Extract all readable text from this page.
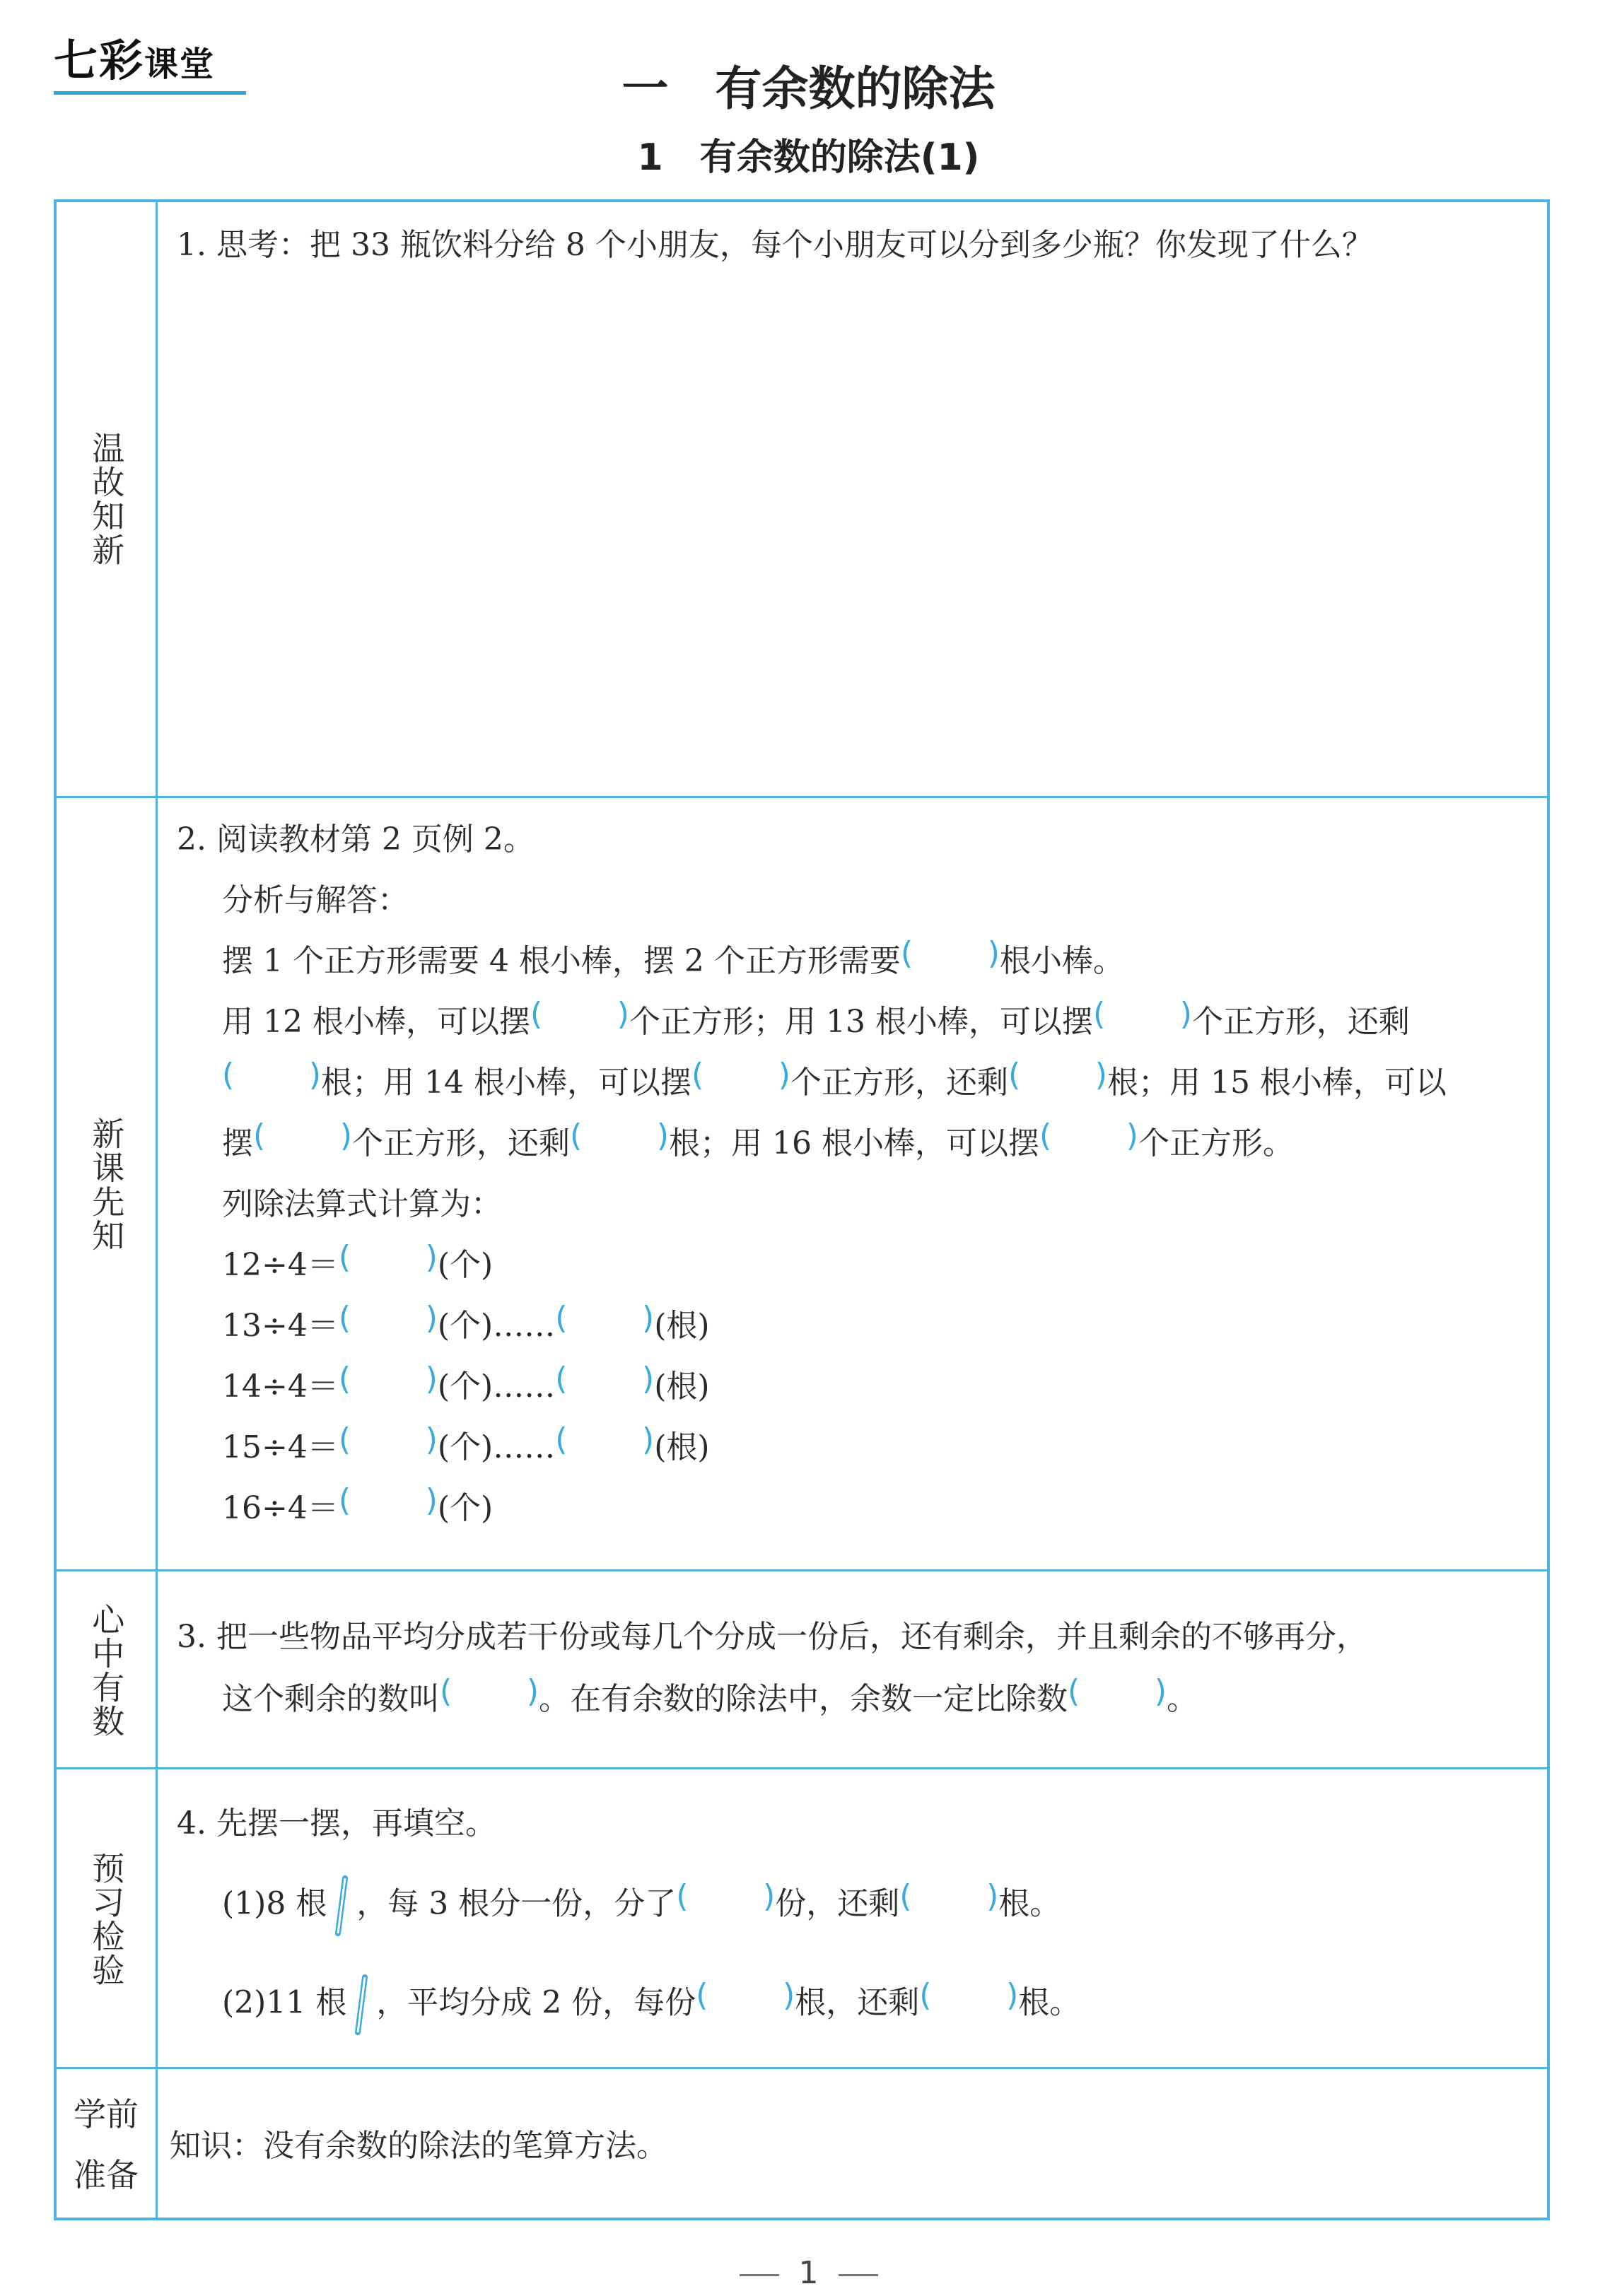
七彩课堂	一　有余数的除法
1　有余数的除法(1)
温故知新
1. 思考：把 33 瓶饮料分给 8 个小朋友，每个小朋友可以分到多少瓶？你发现了什么？
新课先知
2. 阅读教材第 2 页例 2。
分析与解答：
摆 1 个正方形需要 4 根小棒，摆 2 个正方形需要 ( )	根小棒。
用 12 根小棒，可以摆 ( )	个正方形；用 13 根小棒，可以摆 ( )	个正方形，还剩
( )根；用 14 根小棒，可以摆 ( )	个正方形，还剩 ( )	根；用 15 根小棒，可以
摆 ( )	个正方形，还剩 ( )	根；用 16 根小棒，可以摆 ( )	个正方形。
列除法算式计算为：
12÷4＝ ( )	(个)
13÷4＝ ( )	(个)…… ( )	(根)
14÷4＝ ( )	(个)…… ( )	(根)
15÷4＝ ( )	(个)…… ( )	(根)
16÷4＝ ( )	(个)
心中有数 3. 把一些物品平均分成若干份或每几个分成一份后，还有剩余，并且剩余的不够再分，
这个剩余的数叫 ( )	。在有余数的除法中，余数一定比除数 ( )	。
预习检验
4. 先摆一摆，再填空。
(1)8 根 ，每 3 根分一份，分了 ( )	份，还剩 ( )	根。
(2)11 根 ，平均分成 2 份，每份 ( )	根，还剩 ( )	根。
学前
准备
知识：没有余数的除法的笔算方法。
1
